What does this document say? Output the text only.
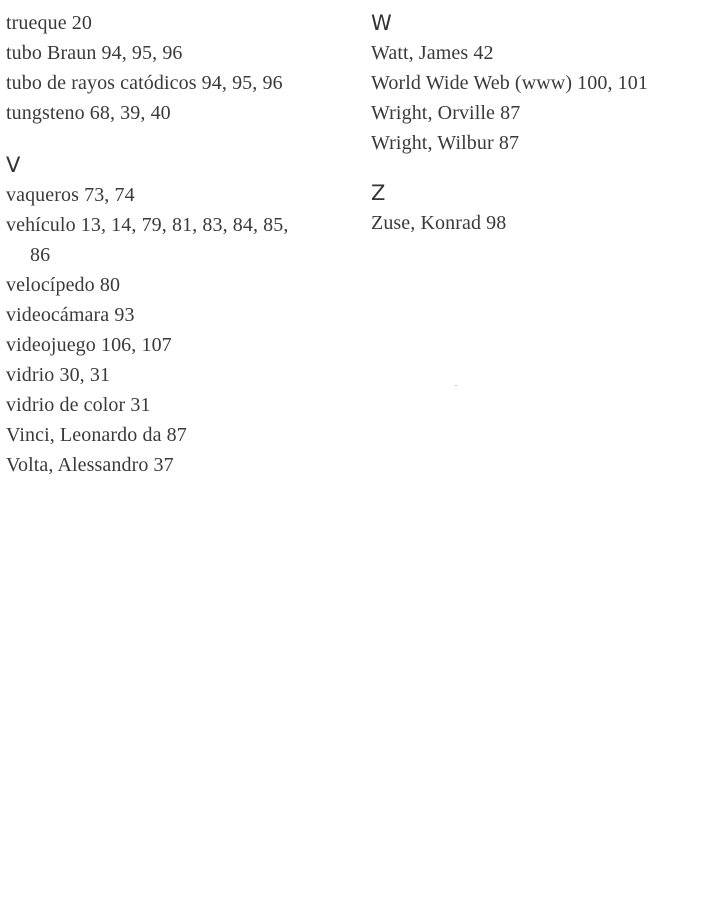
trueque 20
tubo Braun 94, 95, 96
tubo de rayos catódicos 94, 95, 96
tungsteno 68, 39, 40
V
vaqueros 73, 74
vehículo 13, 14, 79, 81, 83, 84, 85,
86
velocípedo 80
videocámara 93
videojuego 106, 107
vidrio 30, 31
vidrio de color 31
Vinci, Leonardo da 87
Volta, Alessandro 37
W
Watt, James 42
World Wide Web (www) 100, 101
Wright, Orville 87
Wright, Wilbur 87
Z
Zuse, Konrad 98
